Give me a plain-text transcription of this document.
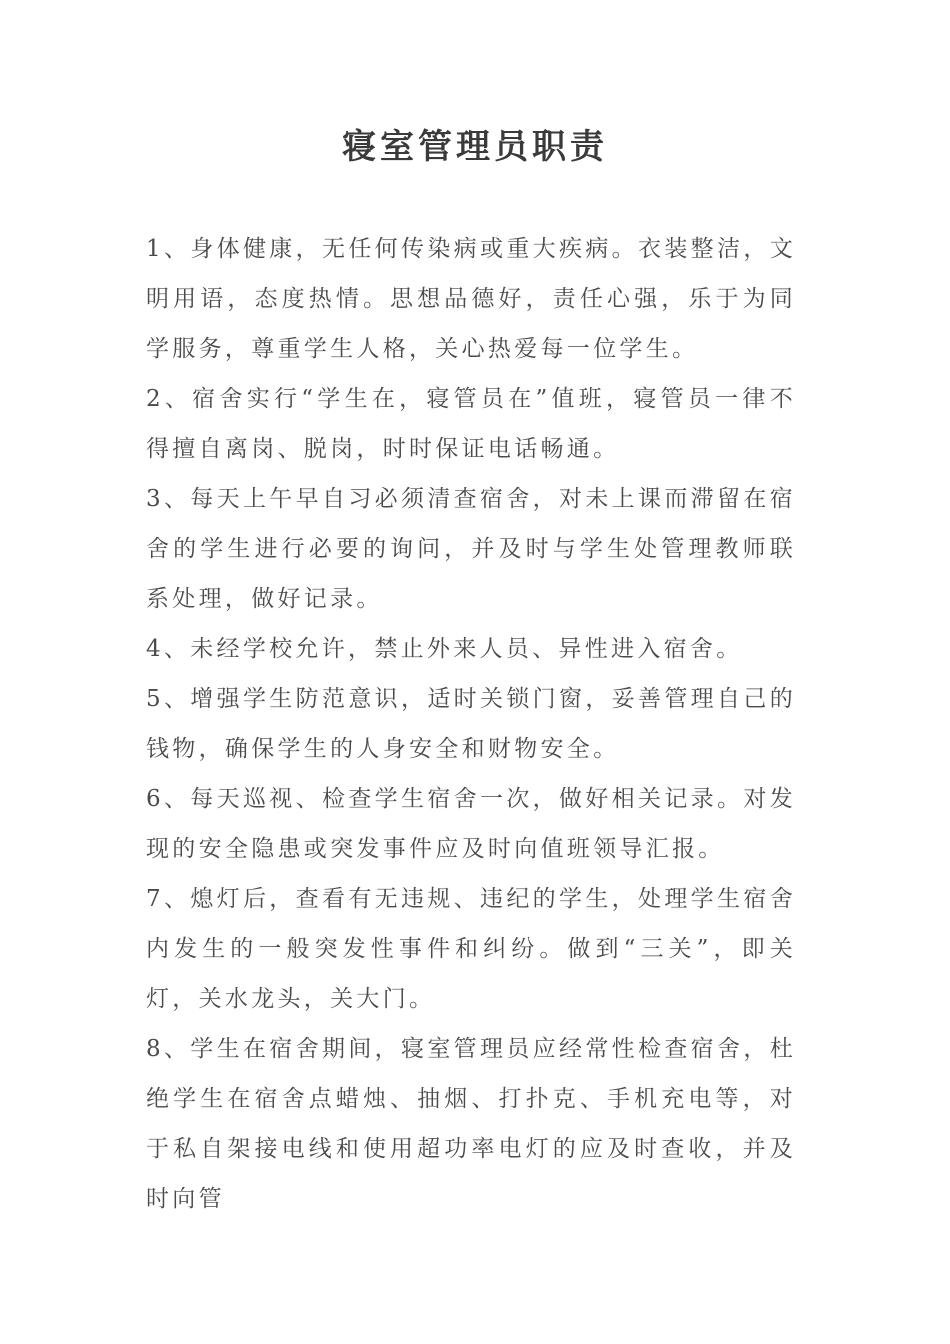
寝室管理员职责

1、身体健康，无任何传染病或重大疾病。衣装整洁，文明用语，态度热情。思想品德好，责任心强，乐于为同学服务，尊重学生人格，关心热爱每一位学生。

2、宿舍实行“学生在，寝管员在”值班，寝管员一律不得擅自离岗、脱岗，时时保证电话畅通。

3、每天上午早自习必须清查宿舍，对未上课而滞留在宿舍的学生进行必要的询问，并及时与学生处管理教师联系处理，做好记录。

4、未经学校允许，禁止外来人员、异性进入宿舍。

5、增强学生防范意识，适时关锁门窗，妥善管理自己的钱物，确保学生的人身安全和财物安全。

6、每天巡视、检查学生宿舍一次，做好相关记录。对发现的安全隐患或突发事件应及时向值班领导汇报。

7、熄灯后，查看有无违规、违纪的学生，处理学生宿舍内发生的一般突发性事件和纠纷。做到“三关”，即关灯，关水龙头，关大门。

8、学生在宿舍期间，寝室管理员应经常性检查宿舍，杜绝学生在宿舍点蜡烛、抽烟、打扑克、手机充电等，对于私自架接电线和使用超功率电灯的应及时查收，并及时向管
